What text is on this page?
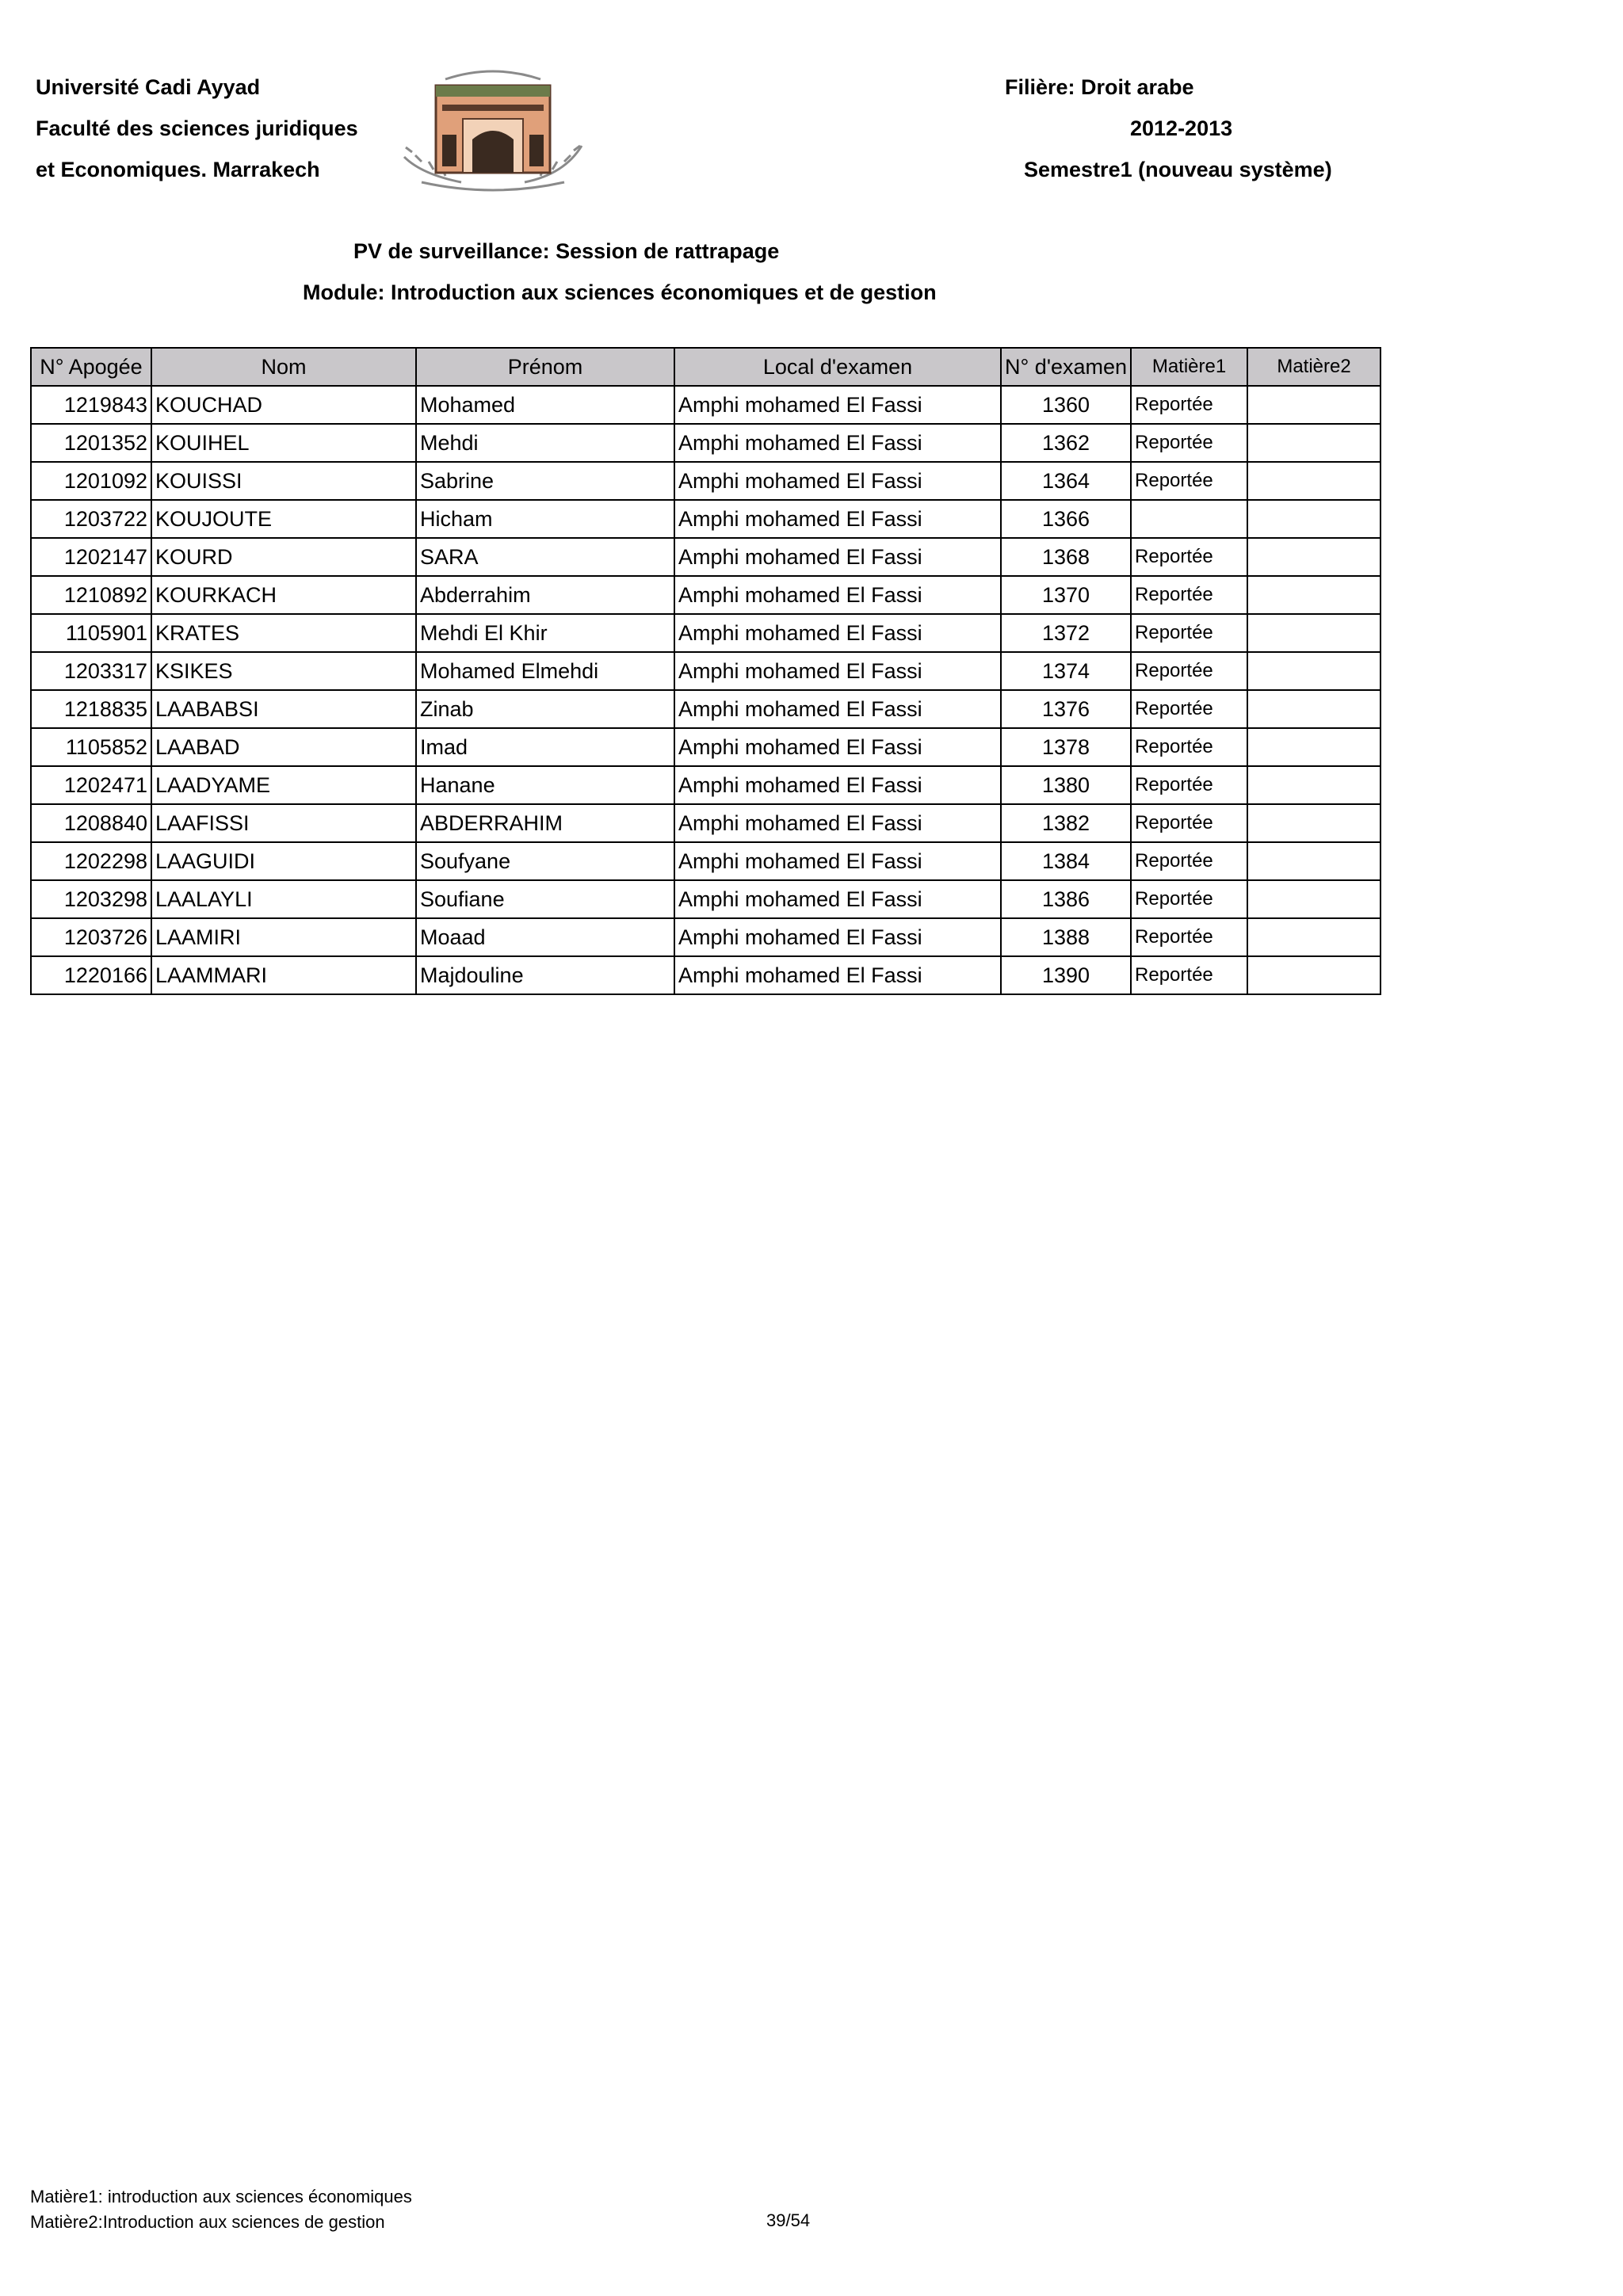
Université Cadi Ayyad
Faculté des sciences juridiques
et Economiques. Marrakech
Filière: Droit arabe
2012-2013
Semestre1 (nouveau système)
PV de surveillance: Session de rattrapage
Module: Introduction aux sciences économiques et de gestion
N° Apogée	Nom	Prénom	Local d'examen	N° d'examen	Matière1	Matière2
1219843	KOUCHAD	Mohamed	Amphi mohamed El Fassi	1360	Reportée	
1201352	KOUIHEL	Mehdi	Amphi mohamed El Fassi	1362	Reportée	
1201092	KOUISSI	Sabrine	Amphi mohamed El Fassi	1364	Reportée	
1203722	KOUJOUTE	Hicham	Amphi mohamed El Fassi	1366		
1202147	KOURD	SARA	Amphi mohamed El Fassi	1368	Reportée	
1210892	KOURKACH	Abderrahim	Amphi mohamed El Fassi	1370	Reportée	
1105901	KRATES	Mehdi El Khir	Amphi mohamed El Fassi	1372	Reportée	
1203317	KSIKES	Mohamed Elmehdi	Amphi mohamed El Fassi	1374	Reportée	
1218835	LAABABSI	Zinab	Amphi mohamed El Fassi	1376	Reportée	
1105852	LAABAD	Imad	Amphi mohamed El Fassi	1378	Reportée	
1202471	LAADYAME	Hanane	Amphi mohamed El Fassi	1380	Reportée	
1208840	LAAFISSI	ABDERRAHIM	Amphi mohamed El Fassi	1382	Reportée	
1202298	LAAGUIDI	Soufyane	Amphi mohamed El Fassi	1384	Reportée	
1203298	LAALAYLI	Soufiane	Amphi mohamed El Fassi	1386	Reportée	
1203726	LAAMIRI	Moaad	Amphi mohamed El Fassi	1388	Reportée	
1220166	LAAMMARI	Majdouline	Amphi mohamed El Fassi	1390	Reportée	
Matière1: introduction aux sciences économiques
Matière2:Introduction aux sciences de gestion	39/54
